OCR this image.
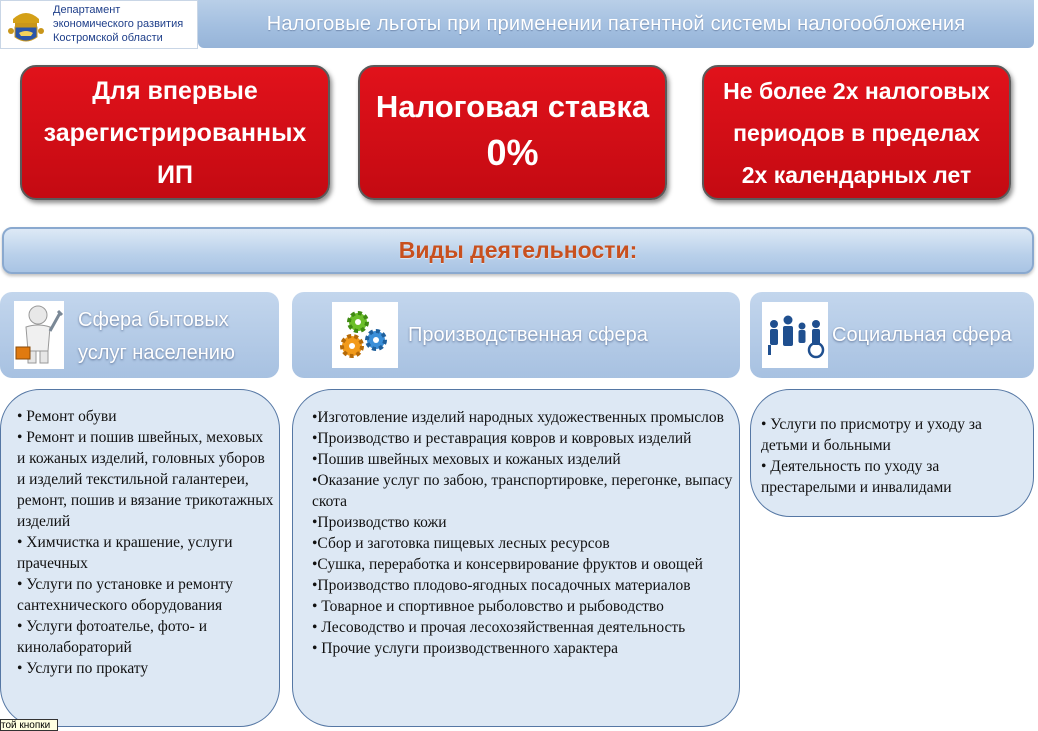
Департамент
экономического развития
Костромской области
Налоговые льготы при применении патентной системы налогообложения
Для впервые
зарегистрированных
ИП
Налоговая ставка
0%
Не более 2х налоговых
периодов в пределах
2х календарных лет
Виды деятельности:
Сфера бытовых
услуг населению
Производственная сфера	Социальная сфера
• Ремонт обуви
• Ремонт и пошив швейных, меховых и кожаных изделий, головных уборов и изделий текстильной галантереи, ремонт, пошив и вязание трикотажных изделий
• Химчистка и крашение, услуги прачечных
• Услуги по установке и ремонту сантехнического оборудования
• Услуги фотоателье, фото- и кинолабораторий
• Услуги по прокату
•Изготовление изделий народных художественных промыслов
•Производство и реставрация ковров и ковровых изделий
•Пошив швейных меховых и кожаных изделий
•Оказание услуг по забою, транспортировке, перегонке, выпасу скота
•Производство кожи
•Сбор и заготовка пищевых лесных ресурсов
•Сушка, переработка и консервирование фруктов и овощей
•Производство плодово-ягодных посадочных материалов
• Товарное и спортивное рыболовство и рыбоводство
• Лесоводство и прочая лесохозяйственная деятельность
• Прочие услуги производственного характера
• Услуги по присмотру и уходу за детьми и больными
• Деятельность по уходу за престарелыми и инвалидами
той кнопки
